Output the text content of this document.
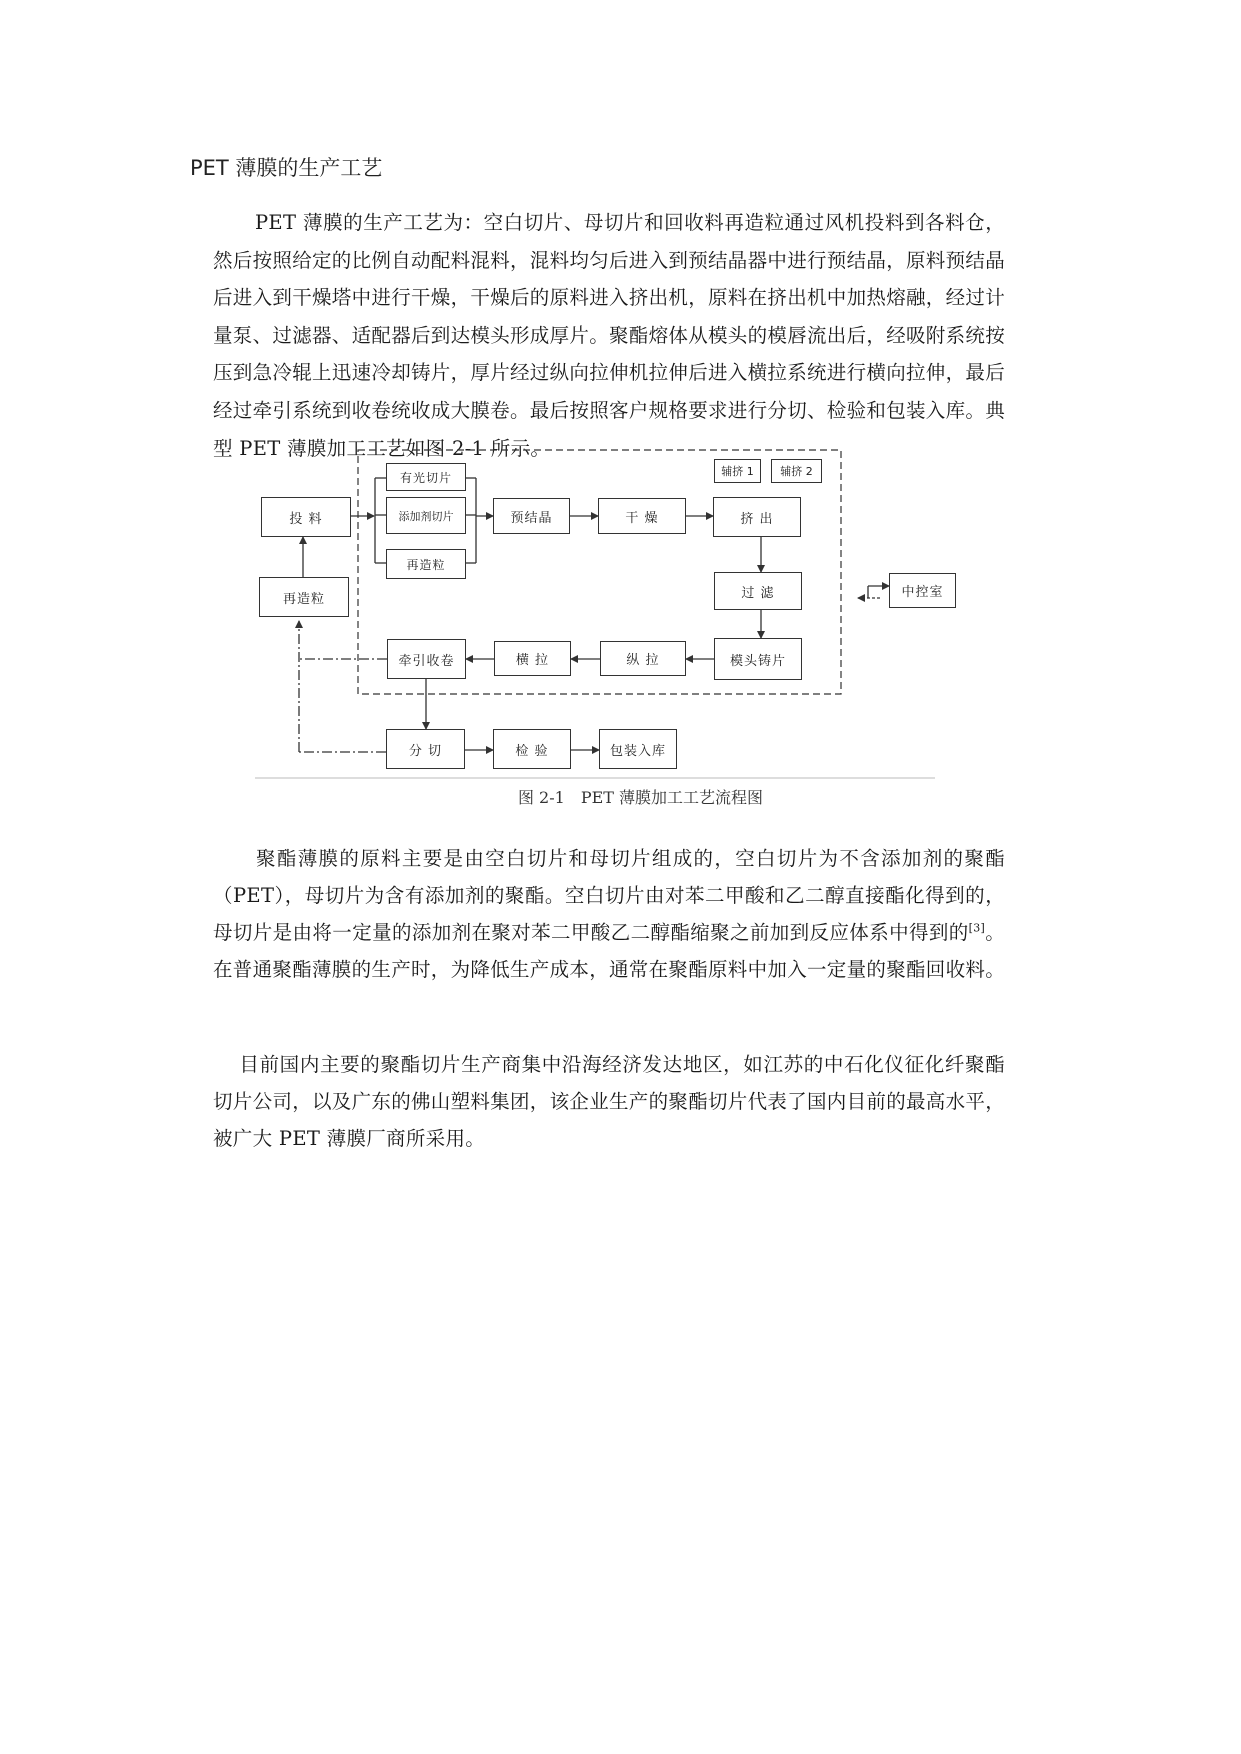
PET 薄膜的生产工艺

PET 薄膜的生产工艺为：空白切片、母切片和回收料再造粒通过风机投料到各料仓，然后按照给定的比例自动配料混料，混料均匀后进入到预结晶器中进行预结晶，原料预结晶后进入到干燥塔中进行干燥，干燥后的原料进入挤出机，原料在挤出机中加热熔融，经过计量泵、过滤器、适配器后到达模头形成厚片。聚酯熔体从模头的模唇流出后，经吸附系统按压到急冷辊上迅速冷却铸片，厚片经过纵向拉伸机拉伸后进入横拉系统进行横向拉伸，最后经过牵引系统到收卷统收成大膜卷。最后按照客户规格要求进行分切、检验和包装入库。典型 PET 薄膜加工工艺如图 2-1 所示。

投 料
再造粒
有光切片
添加剂切片
再造粒
预结晶	干 燥	挤 出
辅挤 1	辅挤 2
过 滤	中控室
模头铸片
纵 拉
横 拉
牵引收卷
分 切	检 验	包装入库
图 2-1　PET 薄膜加工工艺流程图

聚酯薄膜的原料主要是由空白切片和母切片组成的，空白切片为不含添加剂的聚酯（PET），母切片为含有添加剂的聚酯。空白切片由对苯二甲酸和乙二醇直接酯化得到的，母切片是由将一定量的添加剂在聚对苯二甲酸乙二醇酯缩聚之前加到反应体系中得到的[3]。在普通聚酯薄膜的生产时，为降低生产成本，通常在聚酯原料中加入一定量的聚酯回收料。

目前国内主要的聚酯切片生产商集中沿海经济发达地区，如江苏的中石化仪征化纤聚酯切片公司，以及广东的佛山塑料集团，该企业生产的聚酯切片代表了国内目前的最高水平，被广大 PET 薄膜厂商所采用。
